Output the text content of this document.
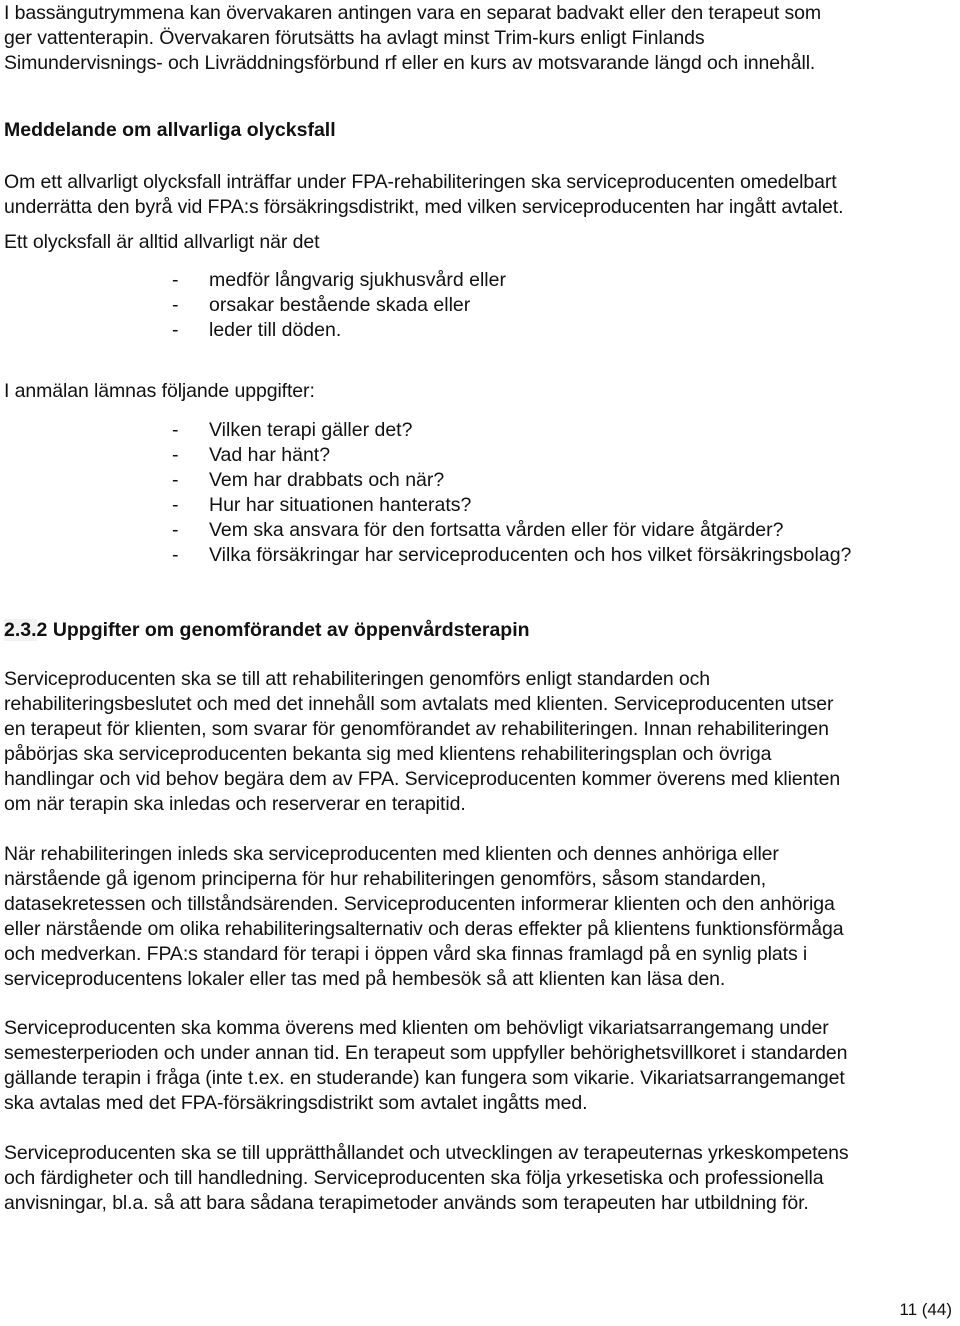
I bassängutrymmena kan övervakaren antingen vara en separat badvakt eller den terapeut som
ger vattenterapin. Övervakaren förutsätts ha avlagt minst Trim-kurs enligt Finlands
Simundervisnings- och Livräddningsförbund rf eller en kurs av motsvarande längd och innehåll.

Meddelande om allvarliga olycksfall

Om ett allvarligt olycksfall inträffar under FPA-rehabiliteringen ska serviceproducenten omedelbart
underrätta den byrå vid FPA:s försäkringsdistrikt, med vilken serviceproducenten har ingått avtalet.

Ett olycksfall är alltid allvarligt när det

- medför långvarig sjukhusvård eller
- orsakar bestående skada eller
- leder till döden.

I anmälan lämnas följande uppgifter:

- Vilken terapi gäller det?
- Vad har hänt?
- Vem har drabbats och när?
- Hur har situationen hanterats?
- Vem ska ansvara för den fortsatta vården eller för vidare åtgärder?
- Vilka försäkringar har serviceproducenten och hos vilket försäkringsbolag?
2.3.2 Uppgifter om genomförandet av öppenvårdsterapin

Serviceproducenten ska se till att rehabiliteringen genomförs enligt standarden och
rehabiliteringsbeslutet och med det innehåll som avtalats med klienten. Serviceproducenten utser
en terapeut för klienten, som svarar för genomförandet av rehabiliteringen. Innan rehabiliteringen
påbörjas ska serviceproducenten bekanta sig med klientens rehabiliteringsplan och övriga
handlingar och vid behov begära dem av FPA. Serviceproducenten kommer överens med klienten
om när terapin ska inledas och reserverar en terapitid.

När rehabiliteringen inleds ska serviceproducenten med klienten och dennes anhöriga eller
närstående gå igenom principerna för hur rehabiliteringen genomförs, såsom standarden,
datasekretessen och tillståndsärenden. Serviceproducenten informerar klienten och den anhöriga
eller närstående om olika rehabiliteringsalternativ och deras effekter på klientens funktionsförmåga
och medverkan. FPA:s standard för terapi i öppen vård ska finnas framlagd på en synlig plats i
serviceproducentens lokaler eller tas med på hembesök så att klienten kan läsa den.

Serviceproducenten ska komma överens med klienten om behövligt vikariatsarrangemang under
semesterperioden och under annan tid. En terapeut som uppfyller behörighetsvillkoret i standarden
gällande terapin i fråga (inte t.ex. en studerande) kan fungera som vikarie. Vikariatsarrangemanget
ska avtalas med det FPA-försäkringsdistrikt som avtalet ingåtts med.

Serviceproducenten ska se till upprätthållandet och utvecklingen av terapeuternas yrkeskompetens
och färdigheter och till handledning. Serviceproducenten ska följa yrkesetiska och professionella
anvisningar, bl.a. så att bara sådana terapimetoder används som terapeuten har utbildning för.

11 (44)
